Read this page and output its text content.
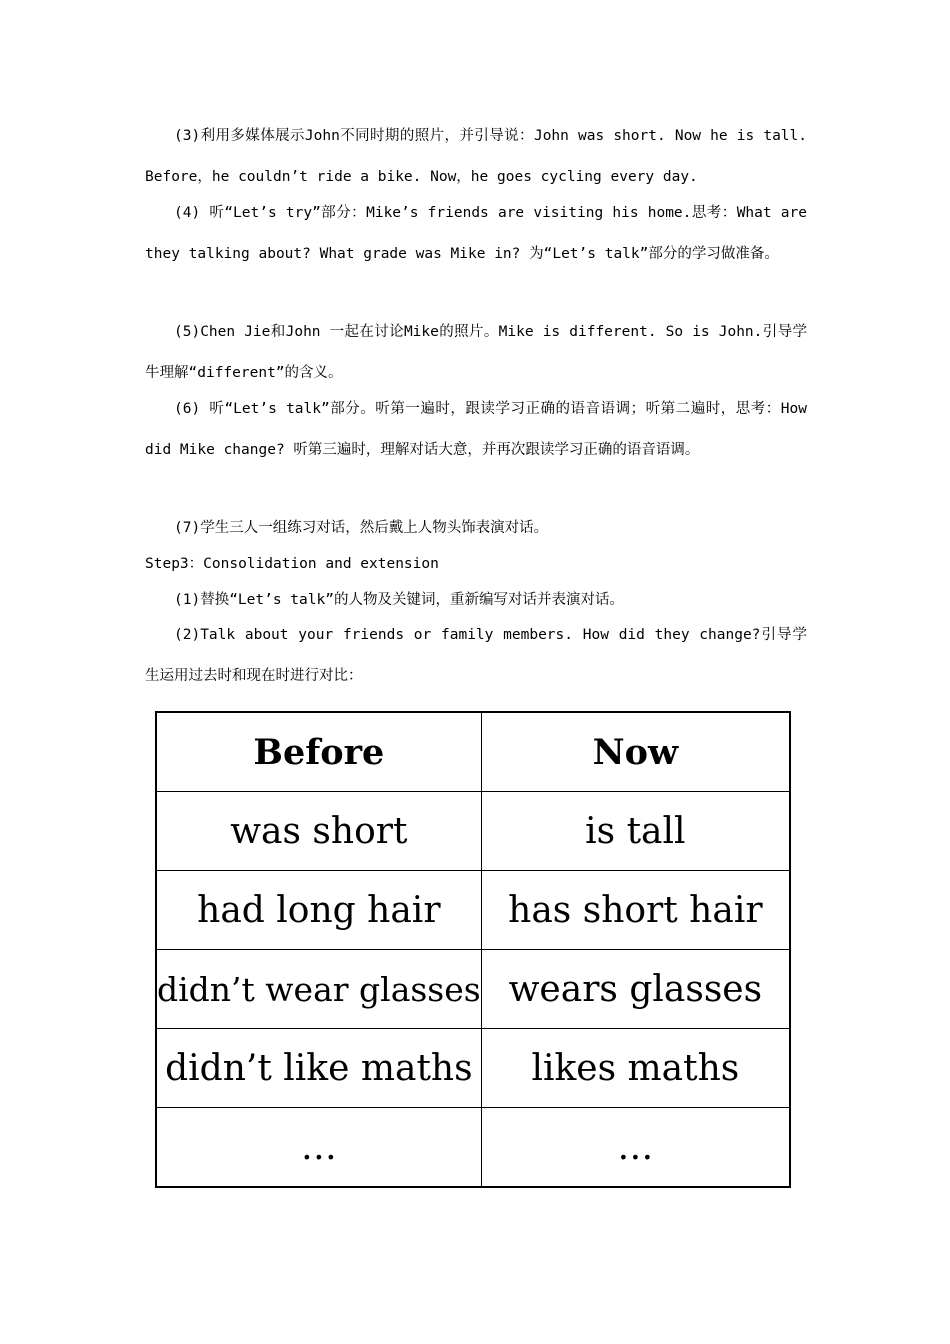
(3)利用多媒体展示John不同时期的照片，并引导说：John was short. Now he is tall. Before，he couldn’t ride a bike. Now，he goes cycling every day.

(4) 听“Let’s try”部分：Mike’s friends are visiting his home.思考：What are they talking about? What grade was Mike in? 为“Let’s talk”部分的学习做准备。

(5)Chen Jie和John 一起在讨论Mike的照片。Mike is different. So is John.引导学牛理解“different”的含义。

(6) 听“Let’s talk”部分。听第一遍时，跟读学习正确的语音语调；听第二遍时，思考：How did Mike change? 听第三遍时，理解对话大意，并再次跟读学习正确的语音语调。

(7)学生三人一组练习对话，然后戴上人物头饰表演对话。

Step3：Consolidation and extension

(1)替换“Let’s talk”的人物及关键词，重新编写对话并表演对话。

(2)Talk about your friends or family members. How did they change?引导学生运用过去时和现在时进行对比：

Before	Now
was short	is tall
had long hair	has short hair
didn’t wear glasses	wears glasses
didn’t like maths	likes maths
…	…
